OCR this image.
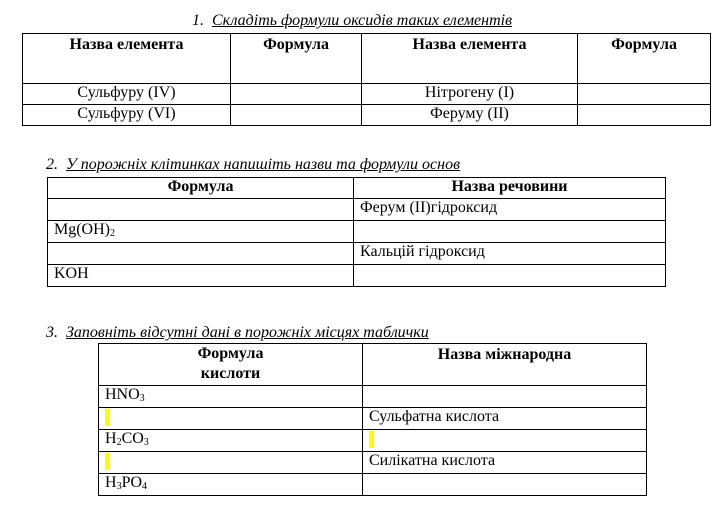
1. Складіть формули оксидів таких елементів
Назва елемента	Формула	Назва елемента	Формула
Сульфуру (IV)		Нітрогену (I)	
Сульфуру (VI)		Феруму (II)	
2. У порожніх клітинках напишіть назви та формули основ
Формула	Назва речовини
	Ферум (II)гідроксид
$Mg(OH)_2$	
	Кальцій гідроксид
KOH	
3. Заповніть відсутні дані в порожніх місцях таблички
Формула
кислоти	Назва міжнародна
$HNO_3$	
	Сульфатна кислота
$H_2CO_3$	
	Силікатна кислота
$H_3PO_4$	
